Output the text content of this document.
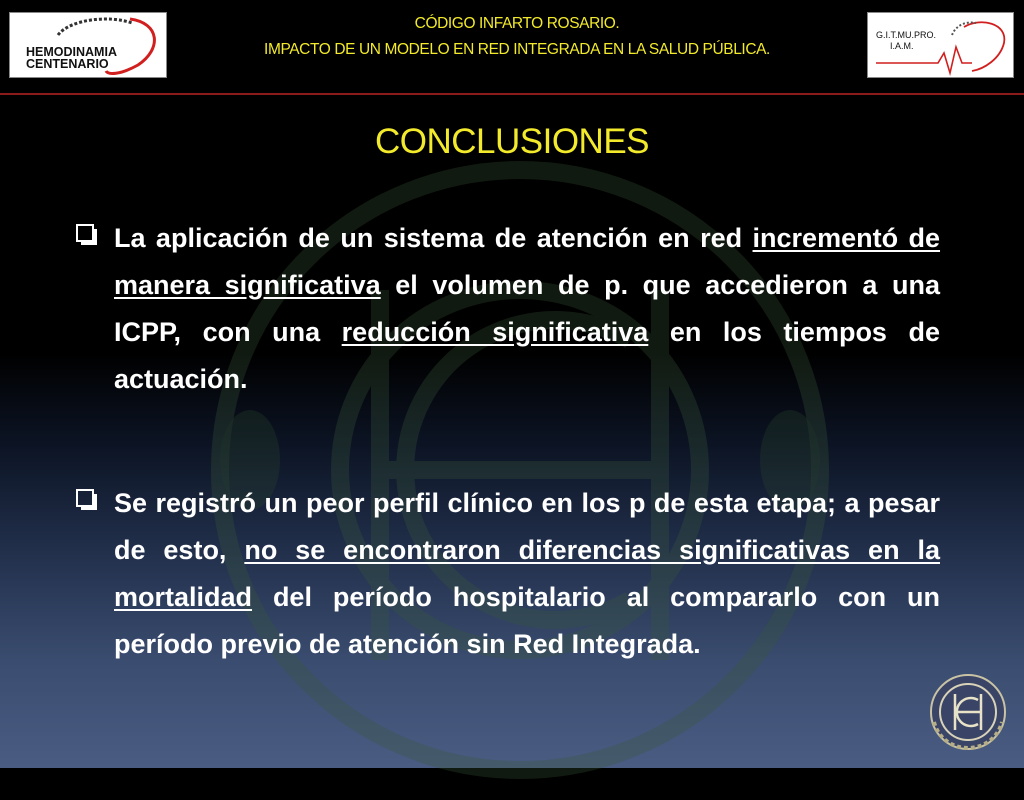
HEMODINAMIA
CENTENARIO
CÓDIGO INFARTO ROSARIO.
IMPACTO DE UN MODELO EN RED INTEGRADA EN LA SALUD PÚBLICA.
G.I.T.MU.PRO.
I.A.M.
CONCLUSIONES

La aplicación de un sistema de atención en red incrementó de manera significativa el volumen de p. que accedieron a una ICPP, con una reducción significativa en los tiempos de actuación.

Se registró un peor perfil clínico en los p de esta etapa; a pesar de esto, no se encontraron diferencias significativas en la mortalidad del período hospitalario al compararlo con un período previo de atención sin Red Integrada.
